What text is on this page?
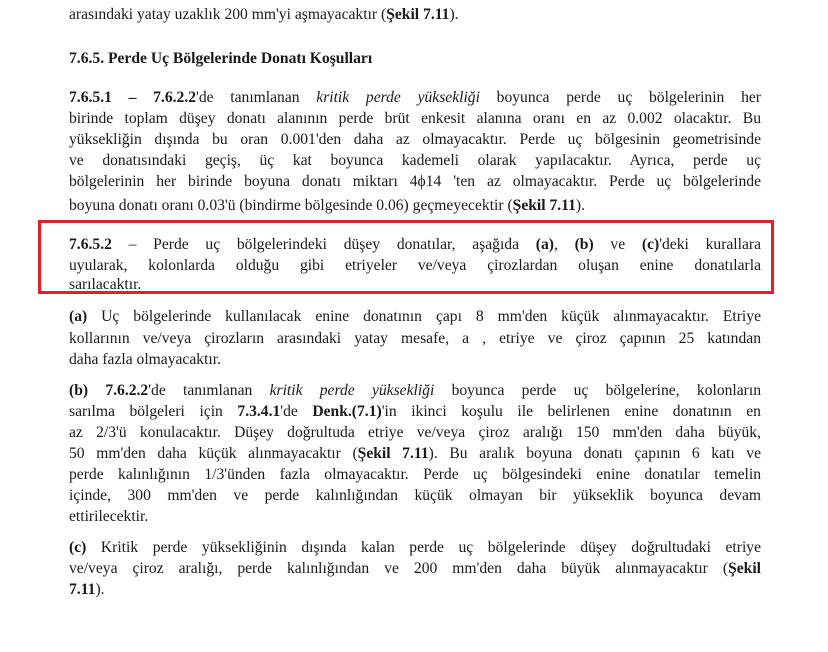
arasındaki yatay uzaklık 200 mm'yi aşmayacaktır (Şekil 7.11).
7.6.5. Perde Uç Bölgelerinde Donatı Koşulları
7.6.5.1 – 7.6.2.2'de tanımlanan kritik perde yüksekliği boyunca perde uç bölgelerinin her
birinde toplam düşey donatı alanının perde brüt enkesit alanına oranı en az 0.002 olacaktır. Bu
yüksekliğin dışında bu oran 0.001'den daha az olmayacaktır. Perde uç bölgesinin geometrisinde
ve donatısındaki geçiş, üç kat boyunca kademeli olarak yapılacaktır. Ayrıca, perde uç
bölgelerinin her birinde boyuna donatı miktarı 4ϕ14 'ten az olmayacaktır. Perde uç bölgelerinde
boyuna donatı oranı 0.03'ü (bindirme bölgesinde 0.06) geçmeyecektir (Şekil 7.11).
7.6.5.2 – Perde uç bölgelerindeki düşey donatılar, aşağıda (a), (b) ve (c)'deki kurallara
uyularak, kolonlarda olduğu gibi etriyeler ve/veya çirozlardan oluşan enine donatılarla
sarılacaktır.
(a) Uç bölgelerinde kullanılacak enine donatının çapı 8 mm'den küçük alınmayacaktır. Etriye
kollarının ve/veya çirozların arasındaki yatay mesafe, a , etriye ve çiroz çapının 25 katından
daha fazla olmayacaktır.
(b) 7.6.2.2'de tanımlanan kritik perde yüksekliği boyunca perde uç bölgelerine, kolonların
sarılma bölgeleri için 7.3.4.1'de Denk.(7.1)'in ikinci koşulu ile belirlenen enine donatının en
az 2/3'ü konulacaktır. Düşey doğrultuda etriye ve/veya çiroz aralığı 150 mm'den daha büyük,
50 mm'den daha küçük alınmayacaktır (Şekil 7.11). Bu aralık boyuna donatı çapının 6 katı ve
perde kalınlığının 1/3'ünden fazla olmayacaktır. Perde uç bölgesindeki enine donatılar temelin
içinde, 300 mm'den ve perde kalınlığından küçük olmayan bir yükseklik boyunca devam
ettirilecektir.
(c) Kritik perde yüksekliğinin dışında kalan perde uç bölgelerinde düşey doğrultudaki etriye
ve/veya çiroz aralığı, perde kalınlığından ve 200 mm'den daha büyük alınmayacaktır (Şekil
7.11).
